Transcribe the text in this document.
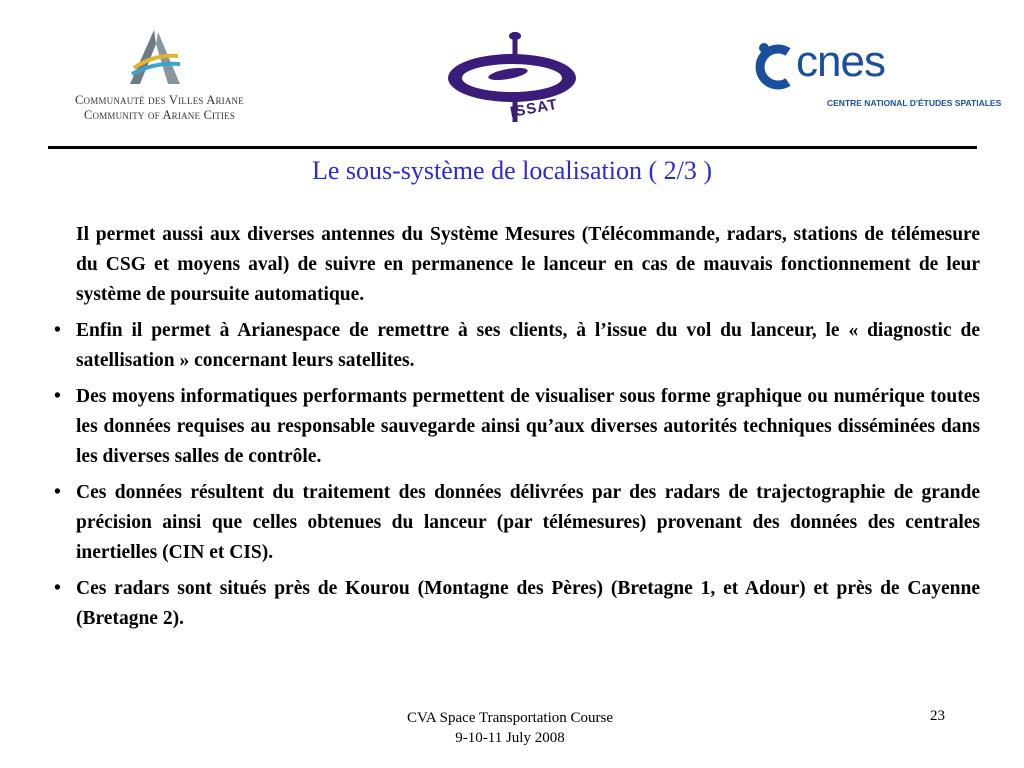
Communauté des Villes Ariane
Community of Ariane Cities	ISSAT
cnes
CENTRE NATIONAL D'ÉTUDES SPATIALES
Le sous-système de localisation ( 2/3 )
Il permet aussi aux diverses antennes du Système Mesures (Télécommande, radars, stations de télémesure du CSG et moyens aval) de suivre en permanence le lanceur en cas de mauvais fonctionnement de leur système de poursuite automatique.
• Enfin il permet à Arianespace de remettre à ses clients, à l’issue du vol du lanceur, le « diagnostic de satellisation » concernant leurs satellites.
• Des moyens informatiques performants permettent de visualiser sous forme graphique ou numérique toutes les données requises au responsable sauvegarde ainsi qu’aux diverses autorités techniques disséminées dans les diverses salles de contrôle.
• Ces données résultent du traitement des données délivrées par des radars de trajectographie de grande précision ainsi que celles obtenues du lanceur (par télémesures) provenant des données des centrales inertielles (CIN et CIS).
• Ces radars sont situés près de Kourou (Montagne des Pères) (Bretagne 1, et Adour) et près de Cayenne (Bretagne 2).
CVA Space Transportation Course
9-10-11 July 2008
23
